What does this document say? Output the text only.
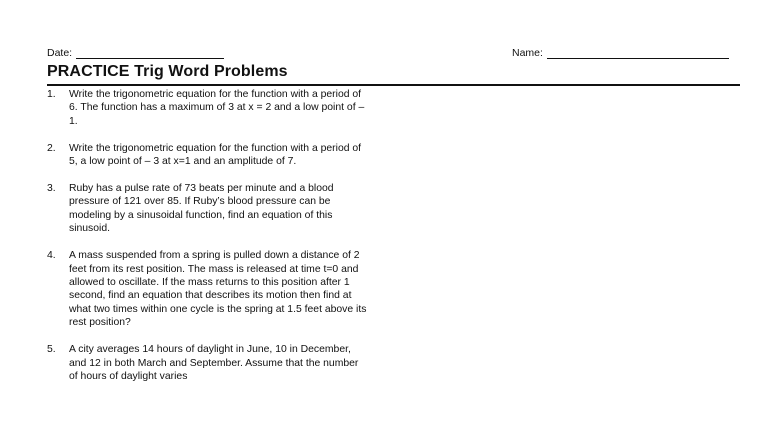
Date:	Name:
PRACTICE Trig Word Problems
1.	Write the trigonometric equation for the function with a period of 6. The function has a maximum of 3 at x = 2 and a low point of –1.
2.	Write the trigonometric equation for the function with a period of 5, a low point of – 3 at x=1 and an amplitude of 7.
3.	Ruby has a pulse rate of 73 beats per minute and a blood pressure of 121 over 85. If Ruby’s blood pressure can be modeling by a sinusoidal function, find an equation of this sinusoid.
4.	A mass suspended from a spring is pulled down a distance of 2 feet from its rest position. The mass is released at time t=0 and allowed to oscillate. If the mass returns to this position after 1 second, find an equation that describes its motion then find at what two times within one cycle is the spring at 1.5 feet above its rest position?
5.	A city averages 14 hours of daylight in June, 10 in December, and 12 in both March and September. Assume that the number of hours of daylight varies
